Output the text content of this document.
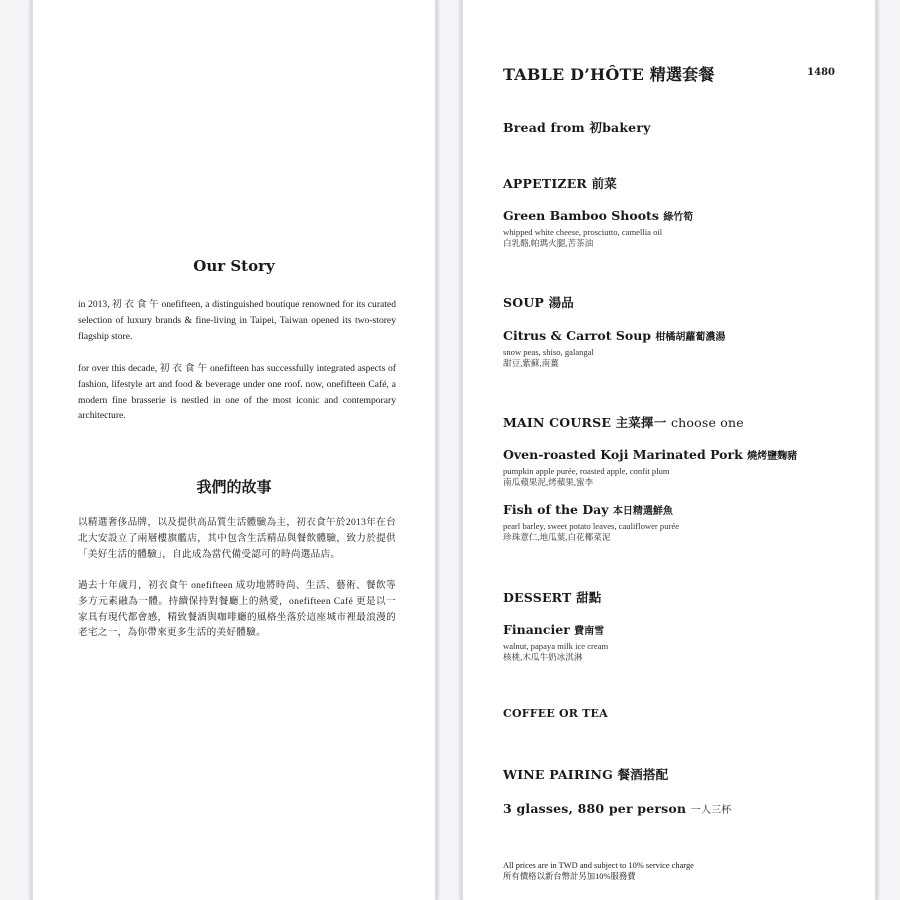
Our Story

in 2013, 初 衣 食 午 onefifteen, a distinguished boutique renowned for its curated selection of luxury brands & fine-living in Taipei, Taiwan opened its two-storey flagship store.

for over this decade, 初 衣 食 午 onefifteen has successfully integrated aspects of fashion, lifestyle art and food & beverage under one roof. now, onefifteen Café, a modern fine brasserie is nestled in one of the most iconic and contemporary architecture.

我們的故事

以精選奢侈品牌，以及提供高品質生活體驗為主，初衣食午於2013年在台北大安設立了兩層樓旗艦店，其中包含生活精品與餐飲體驗，致力於提供「美好生活的體驗」，自此成為當代備受認可的時尚選品店。

過去十年歲月，初衣食午 onefifteen 成功地將時尚、生活、藝術、餐飲等多方元素融為一體。持續保持對餐廳上的熱愛，onefifteen Café 更是以一家具有現代都會感，精致餐酒與咖啡廳的風格坐落於這座城市裡最浪漫的老宅之一，為你帶來更多生活的美好體驗。

TABLE D’HÔTE 精選套餐	1480
Bread from 初bakery
APPETIZER 前菜
Green Bamboo Shoots 綠竹筍
whipped white cheese, prosciutto, camellia oil
白乳酪,帕瑪火腿,苦茶油
SOUP 湯品
Citrus & Carrot Soup 柑橘胡蘿蔔濃湯
snow peas, shiso, galangal
甜豆,紫蘇,南薑
MAIN COURSE 主菜擇一 choose one
Oven-roasted Koji Marinated Pork 燒烤鹽麴豬
pumpkin apple purée, roasted apple, confit plum
南瓜蘋果泥,烤蘋果,蜜李
Fish of the Day 本日精選鮮魚
pearl barley, sweet potato leaves, cauliflower purée
珍珠薏仁,地瓜葉,白花椰菜泥
DESSERT 甜點
Financier 費南雪
walnut, papaya milk ice cream
核桃,木瓜牛奶冰淇淋
COFFEE OR TEA
WINE PAIRING 餐酒搭配
3 glasses, 880 per person 一人三杯

All prices are in TWD and subject to 10% service charge
所有價格以新台幣計另加10%服務費
